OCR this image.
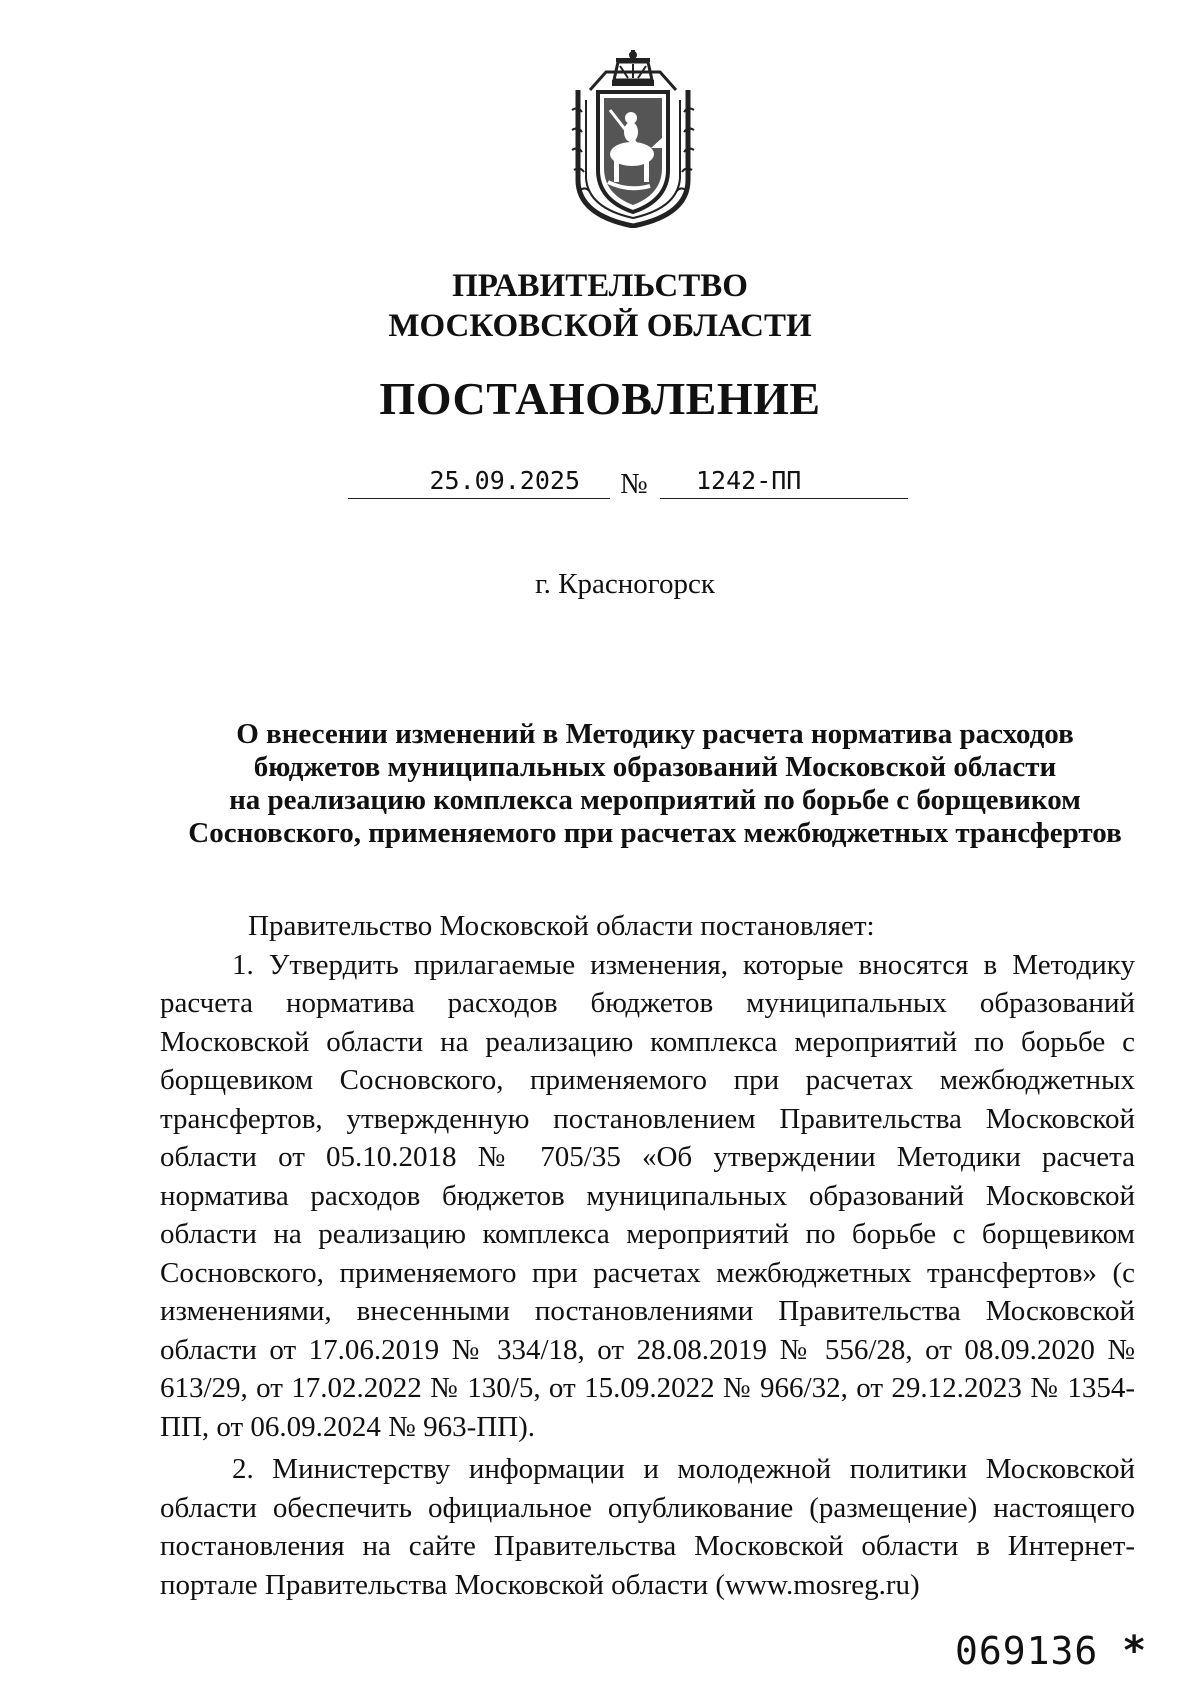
ПРАВИТЕЛЬСТВО
МОСКОВСКОЙ ОБЛАСТИ
ПОСТАНОВЛЕНИЕ
25.09.2025	№	1242-ПП
г. Красногорск
О внесении изменений в Методику расчета норматива расходов
бюджетов муниципальных образований Московской области
на реализацию комплекса мероприятий по борьбе с борщевиком
Сосновского, применяемого при расчетах межбюджетных трансфертов

Правительство Московской области постановляет:

1. Утвердить прилагаемые изменения, которые вносятся в Методику расчета норматива расходов бюджетов муниципальных образований Московской области на реализацию комплекса мероприятий по борьбе с борщевиком Сосновского, применяемого при расчетах межбюджетных трансфертов, утвержденную постановлением Правительства Московской области от 05.10.2018 № 705/35 «Об утверждении Методики расчета норматива расходов бюджетов муниципальных образований Московской области на реализацию комплекса мероприятий по борьбе с борщевиком Сосновского, применяемого при расчетах межбюджетных трансфертов» (с изменениями, внесенными постановлениями Правительства Московской области от 17.06.2019 № 334/18, от 28.08.2019 № 556/28, от 08.09.2020 № 613/29, от 17.02.2022 № 130/5, от 15.09.2022 № 966/32, от 29.12.2023 № 1354-ПП, от 06.09.2024 № 963-ПП).

2. Министерству информации и молодежной политики Московской области обеспечить официальное опубликование (размещение) настоящего постановления на сайте Правительства Московской области в Интернет-портале Правительства Московской области (www.mosreg.ru)

069136 *
